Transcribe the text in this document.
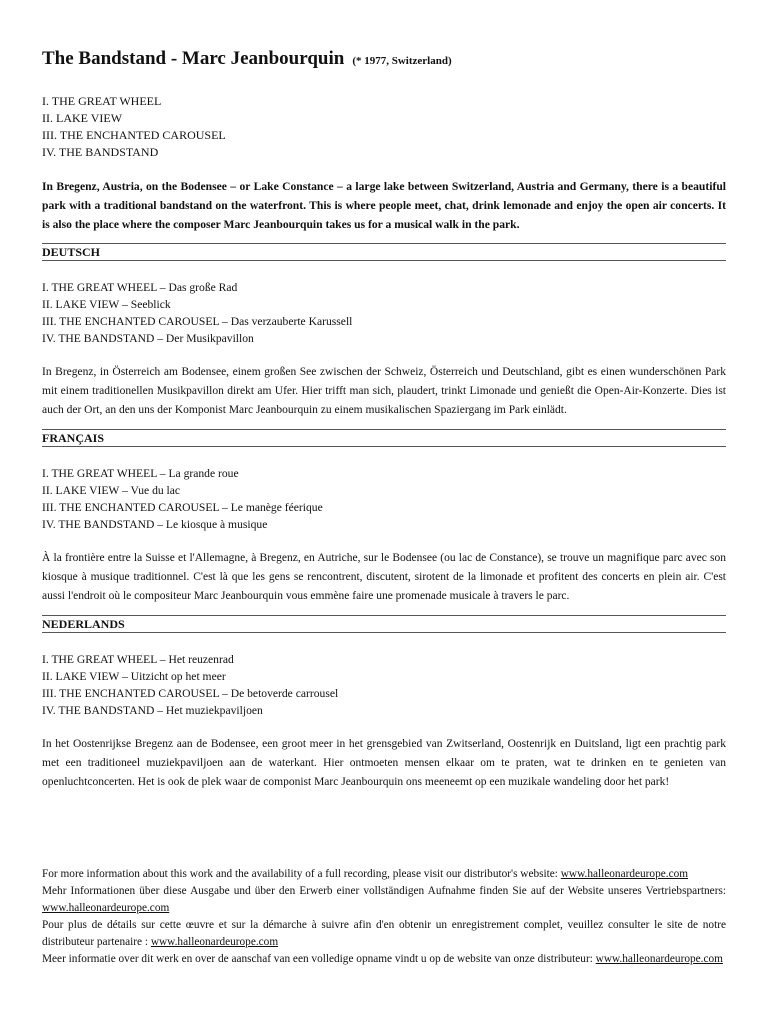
The Bandstand - Marc Jeanbourquin (* 1977, Switzerland)
I. THE GREAT WHEEL
II. LAKE VIEW
III. THE ENCHANTED CAROUSEL
IV. THE BANDSTAND

In Bregenz, Austria, on the Bodensee – or Lake Constance – a large lake between Switzerland, Austria and Germany, there is a beautiful park with a traditional bandstand on the waterfront. This is where people meet, chat, drink lemonade and enjoy the open air concerts. It is also the place where the composer Marc Jeanbourquin takes us for a musical walk in the park.

DEUTSCH
I. THE GREAT WHEEL – Das große Rad
II. LAKE VIEW – Seeblick
III. THE ENCHANTED CAROUSEL – Das verzauberte Karussell
IV. THE BANDSTAND – Der Musikpavillon

In Bregenz, in Österreich am Bodensee, einem großen See zwischen der Schweiz, Österreich und Deutschland, gibt es einen wunderschönen Park mit einem traditionellen Musikpavillon direkt am Ufer. Hier trifft man sich, plaudert, trinkt Limonade und genießt die Open-Air-Konzerte. Dies ist auch der Ort, an den uns der Komponist Marc Jeanbourquin zu einem musikalischen Spaziergang im Park einlädt.

FRANÇAIS
I. THE GREAT WHEEL – La grande roue
II. LAKE VIEW – Vue du lac
III. THE ENCHANTED CAROUSEL – Le manège féerique
IV. THE BANDSTAND – Le kiosque à musique

À la frontière entre la Suisse et l'Allemagne, à Bregenz, en Autriche, sur le Bodensee (ou lac de Constance), se trouve un magnifique parc avec son kiosque à musique traditionnel. C'est là que les gens se rencontrent, discutent, sirotent de la limonade et profitent des concerts en plein air. C'est aussi l'endroit où le compositeur Marc Jeanbourquin vous emmène faire une promenade musicale à travers le parc.

NEDERLANDS
I. THE GREAT WHEEL – Het reuzenrad
II. LAKE VIEW – Uitzicht op het meer
III. THE ENCHANTED CAROUSEL – De betoverde carrousel
IV. THE BANDSTAND – Het muziekpaviljoen

In het Oostenrijkse Bregenz aan de Bodensee, een groot meer in het grensgebied van Zwitserland, Oostenrijk en Duitsland, ligt een prachtig park met een traditioneel muziekpaviljoen aan de waterkant. Hier ontmoeten mensen elkaar om te praten, wat te drinken en te genieten van openluchtconcerten. Het is ook de plek waar de componist Marc Jeanbourquin ons meeneemt op een muzikale wandeling door het park!

For more information about this work and the availability of a full recording, please visit our distributor's website: www.halleonardeurope.com

Mehr Informationen über diese Ausgabe und über den Erwerb einer vollständigen Aufnahme finden Sie auf der Website unseres Vertriebspartners: www.halleonardeurope.com

Pour plus de détails sur cette œuvre et sur la démarche à suivre afin d'en obtenir un enregistrement complet, veuillez consulter le site de notre distributeur partenaire : www.halleonardeurope.com

Meer informatie over dit werk en over de aanschaf van een volledige opname vindt u op de website van onze distributeur: www.halleonardeurope.com
